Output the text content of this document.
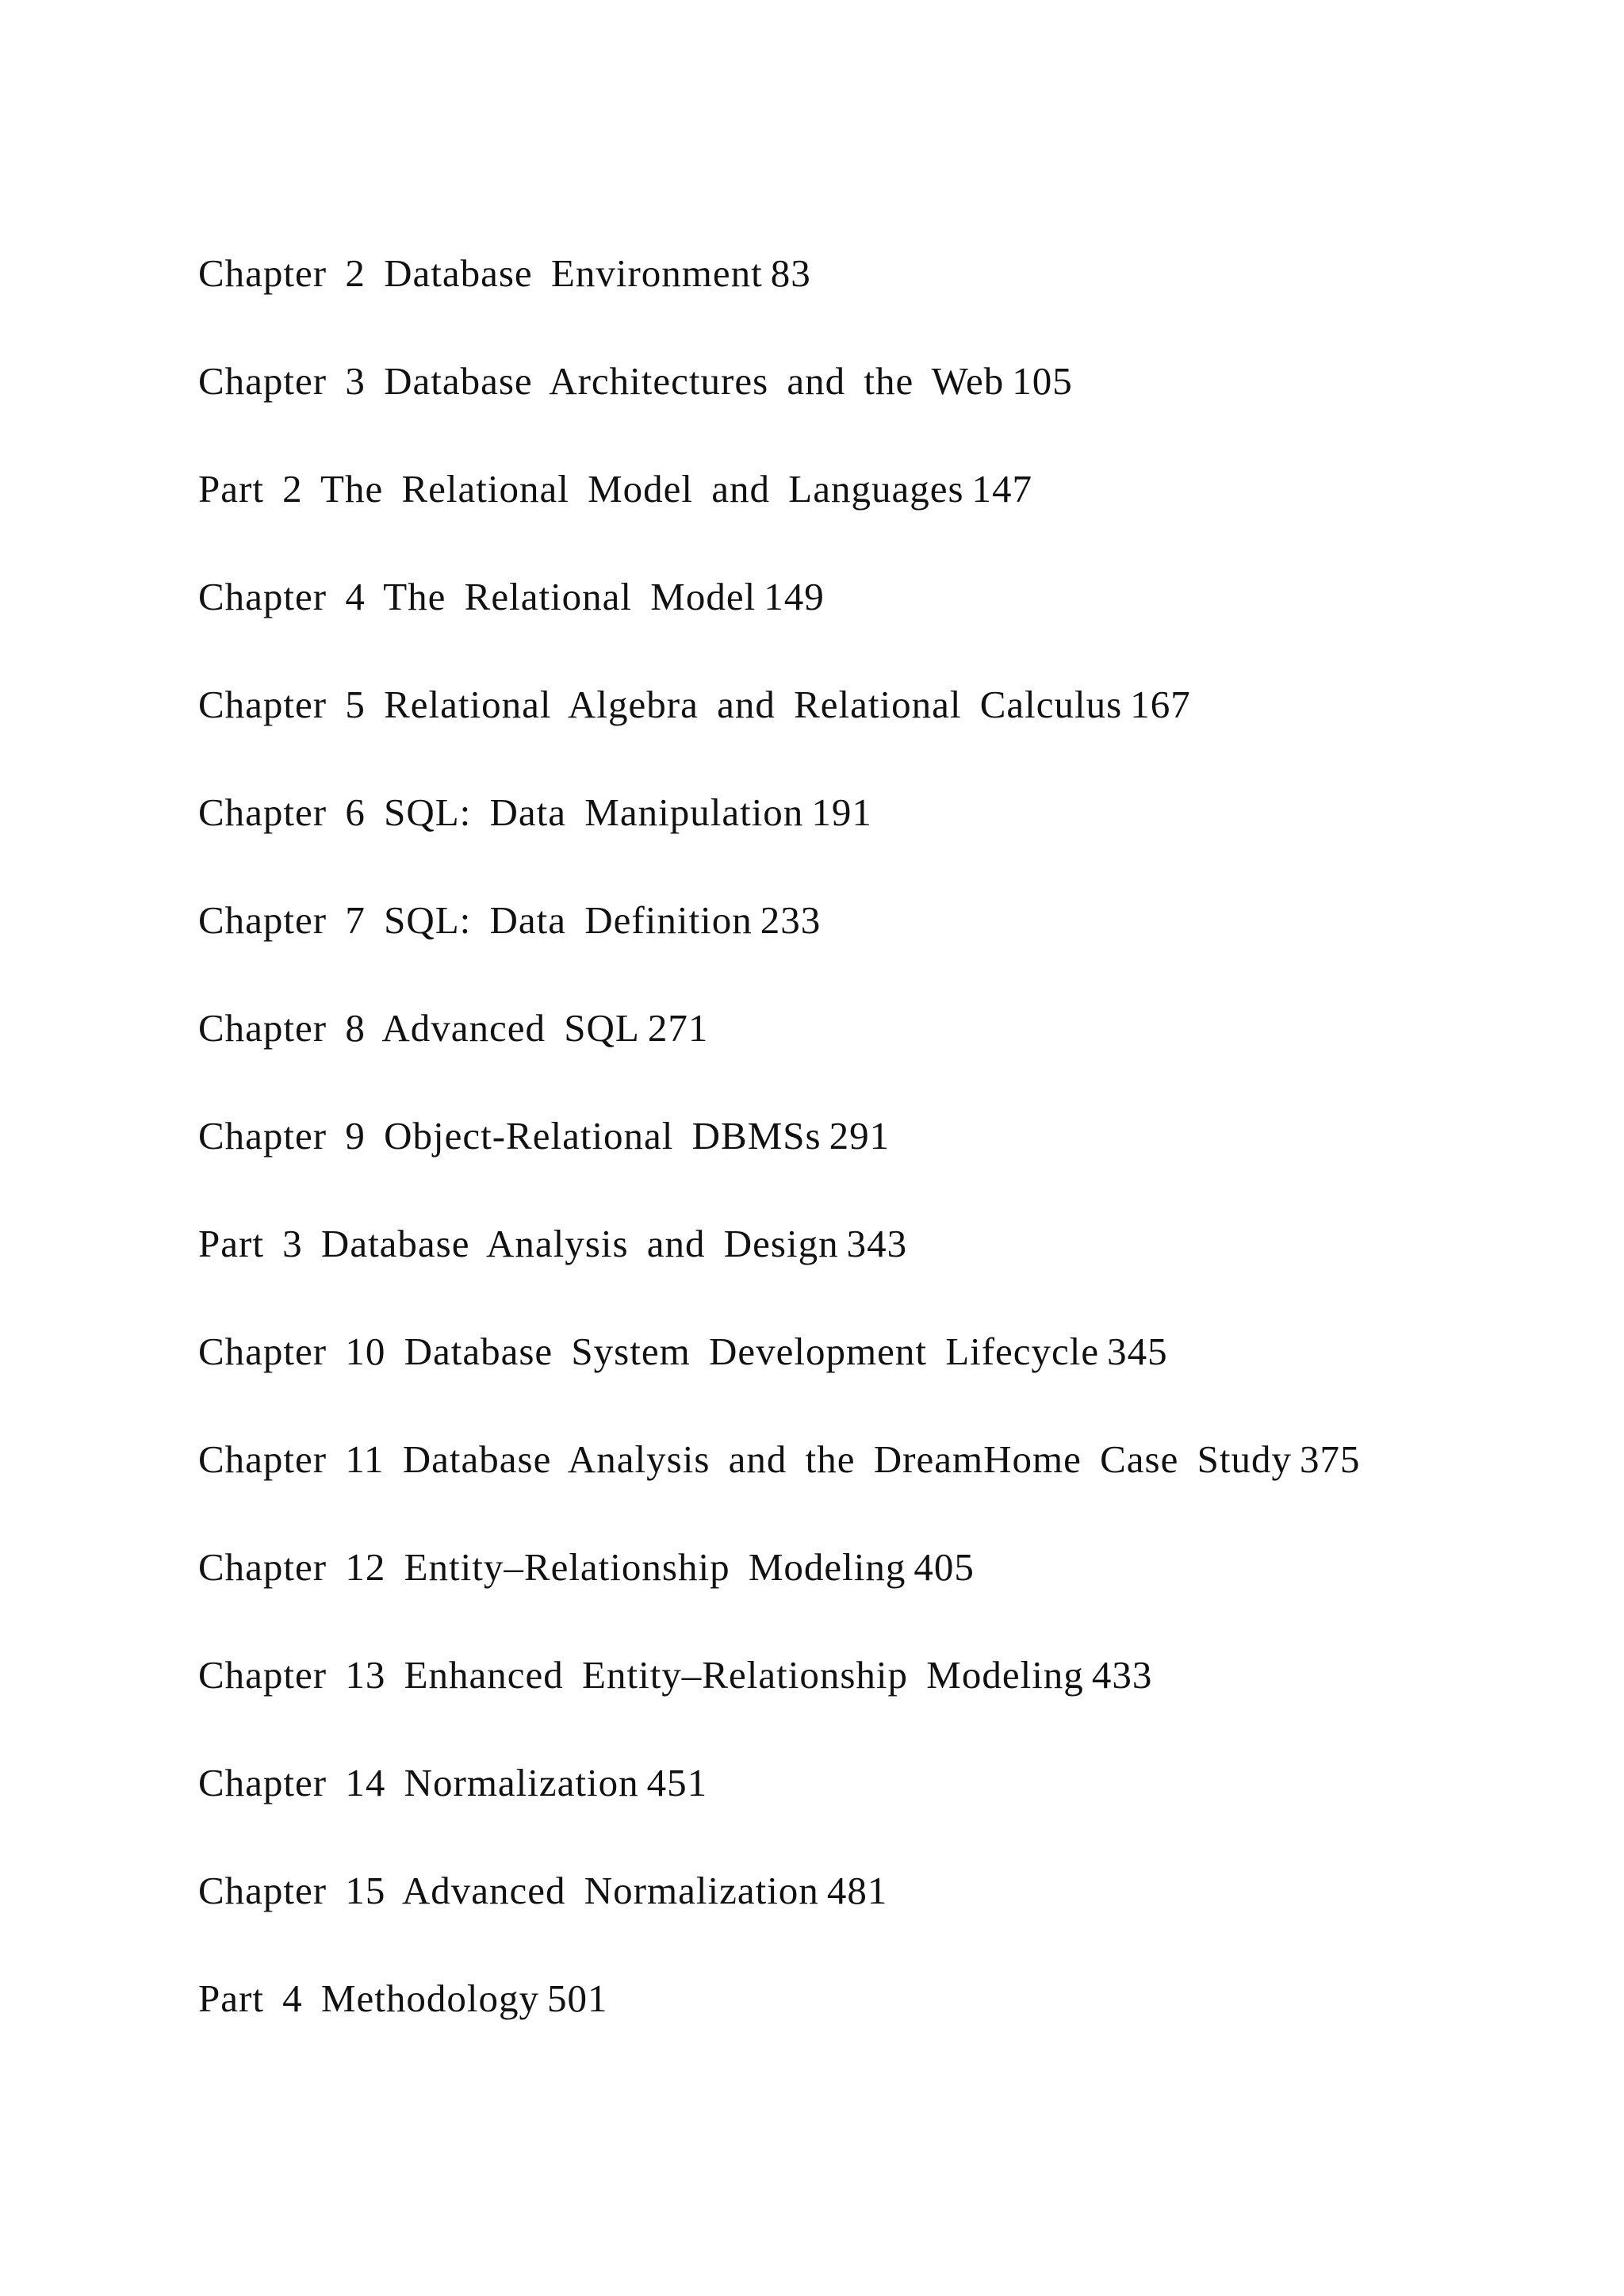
Chapter 2 Database Environment 83
Chapter 3 Database Architectures and the Web 105
Part 2 The Relational Model and Languages 147
Chapter 4 The Relational Model 149
Chapter 5 Relational Algebra and Relational Calculus 167
Chapter 6 SQL: Data Manipulation 191
Chapter 7 SQL: Data Definition 233
Chapter 8 Advanced SQL 271
Chapter 9 Object-Relational DBMSs 291
Part 3 Database Analysis and Design 343
Chapter 10 Database System Development Lifecycle 345
Chapter 11 Database Analysis and the DreamHome Case Study 375
Chapter 12 Entity–Relationship Modeling 405
Chapter 13 Enhanced Entity–Relationship Modeling 433
Chapter 14 Normalization 451
Chapter 15 Advanced Normalization 481
Part 4 Methodology 501
